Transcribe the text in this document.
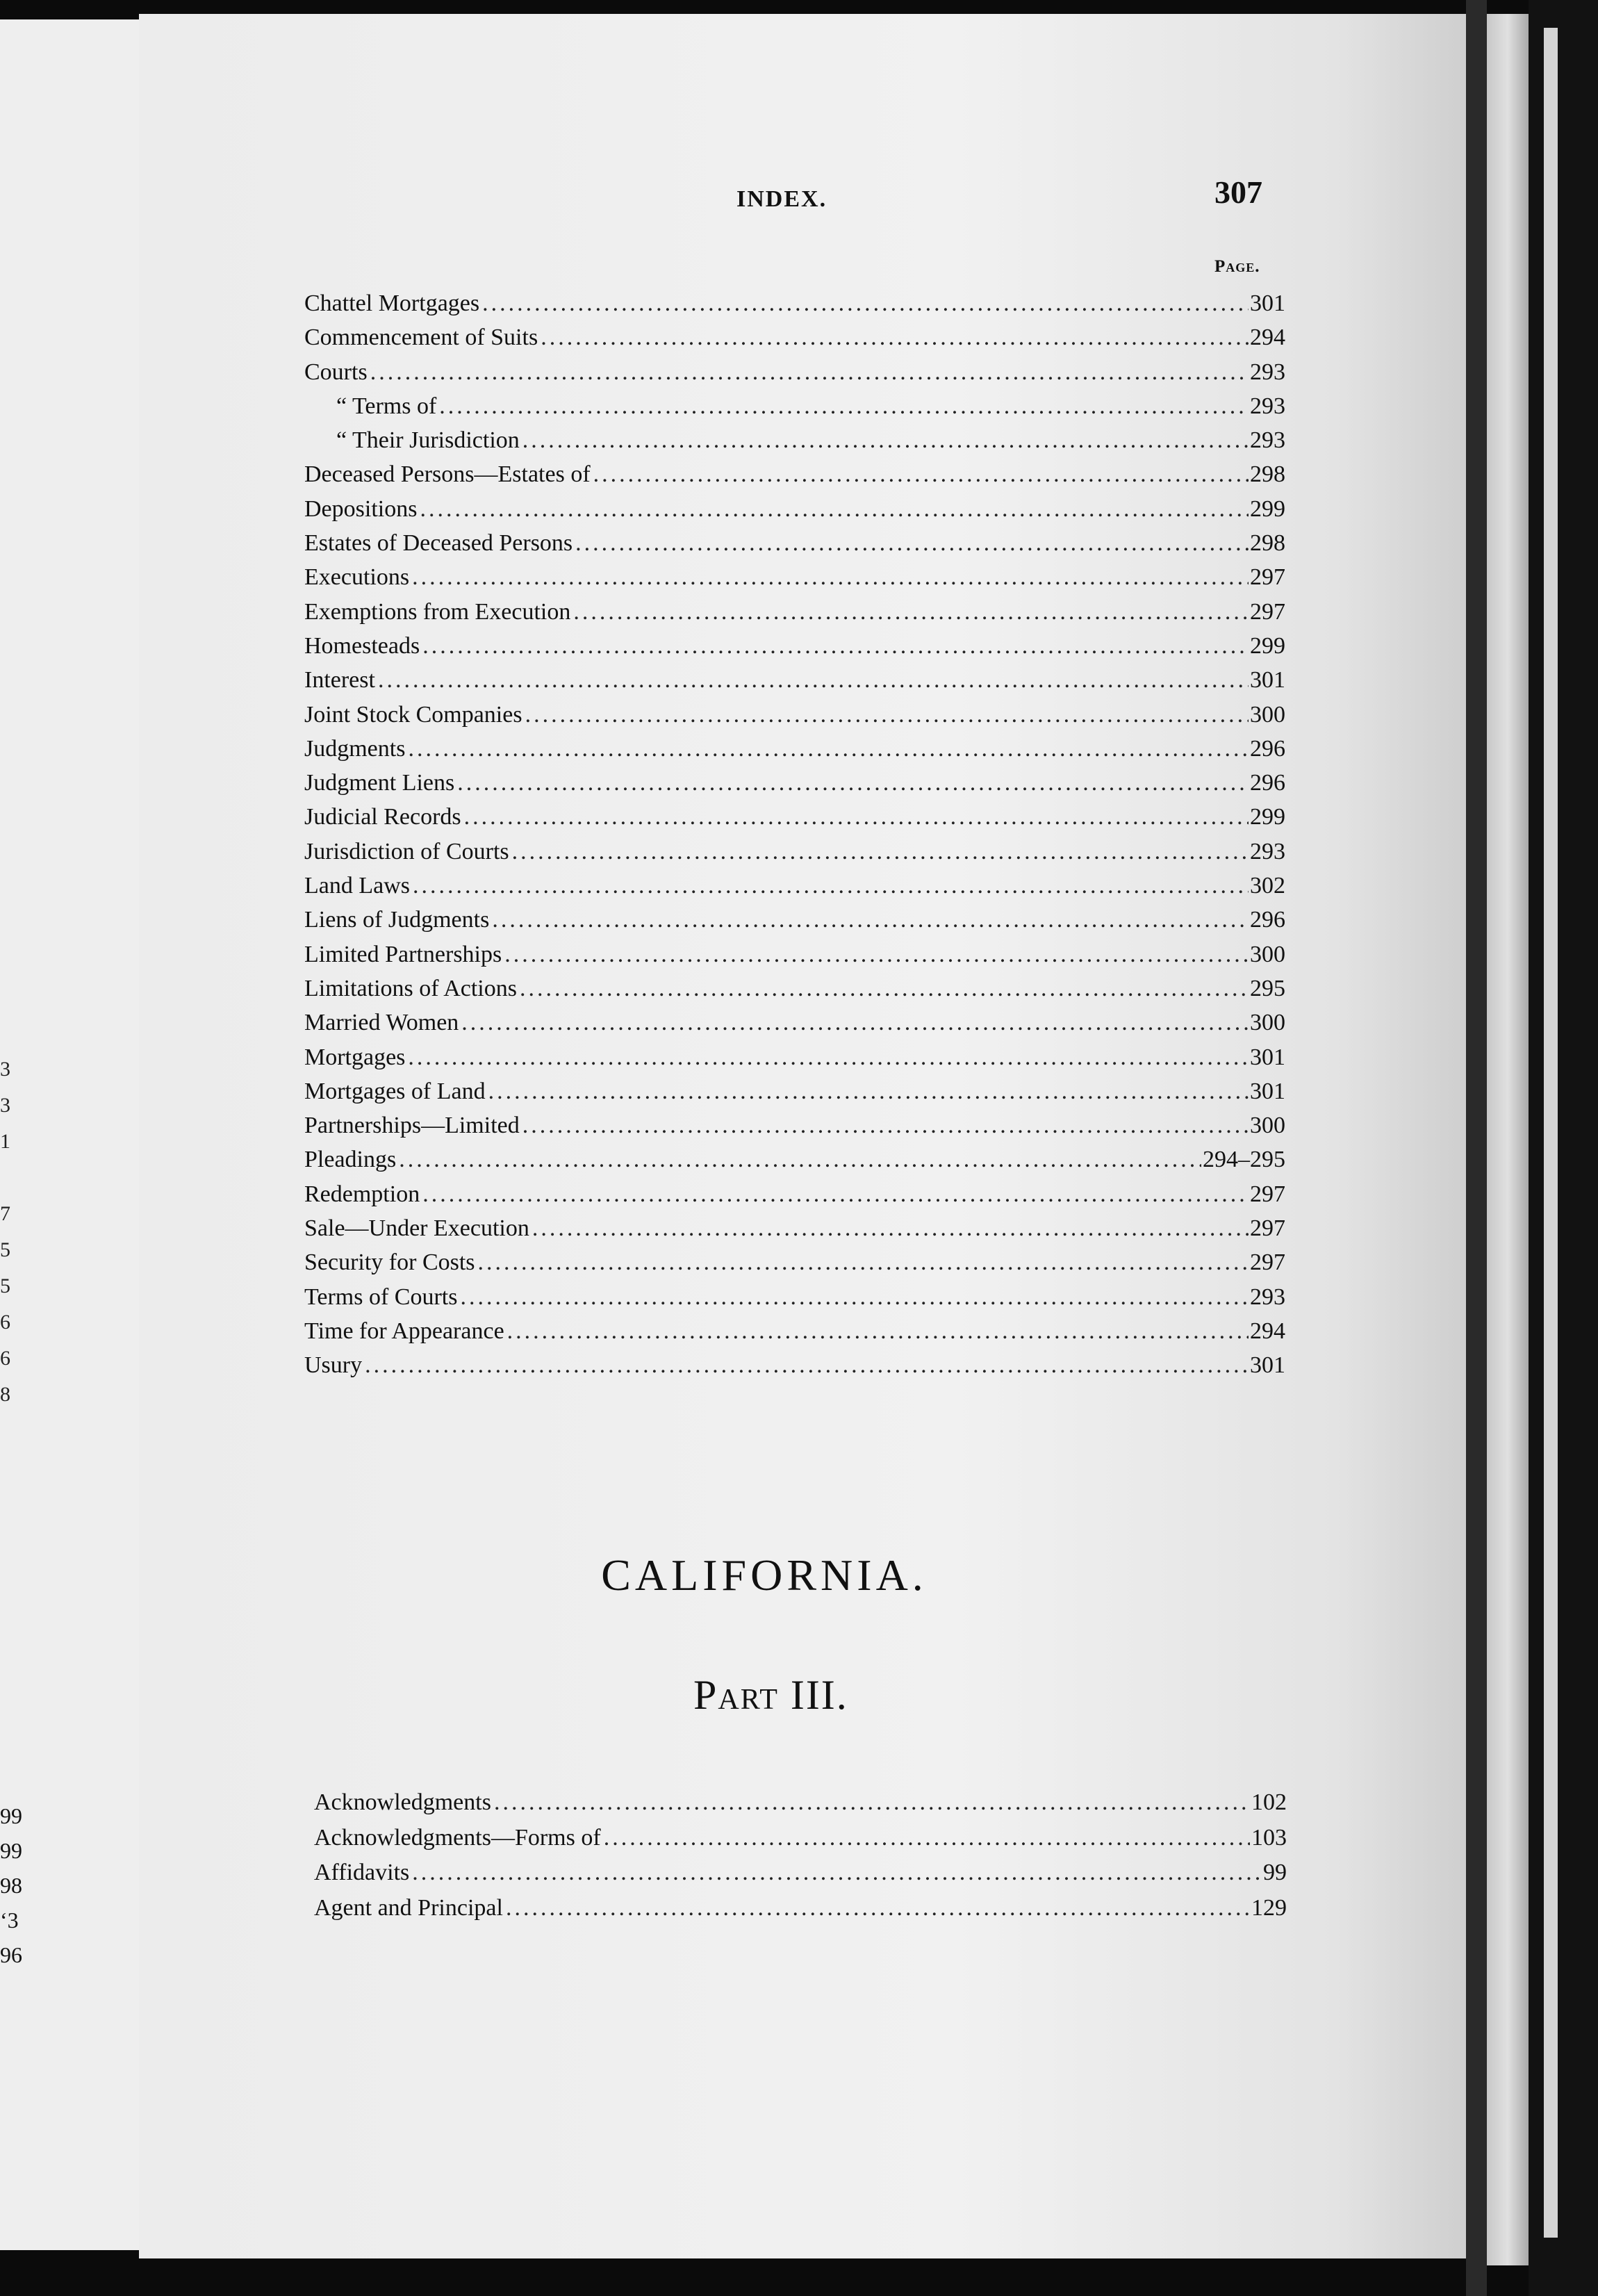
3
3
1
7
5
5
6
6
8
99
99
98
ʻ3
96
INDEX.	307
Page.
Chattel Mortgages .....	301
Commencement of Suits .....	294
Courts .....	293
“ Terms of .....	293
“ Their Jurisdiction .....	293
Deceased Persons—Estates of .....	298
Depositions .....	299
Estates of Deceased Persons .....	298
Executions .....	297
Exemptions from Execution .....	297
Homesteads .....	299
Interest .....	301
Joint Stock Companies .....	300
Judgments .....	296
Judgment Liens .....	296
Judicial Records .....	299
Jurisdiction of Courts .....	293
Land Laws .....	302
Liens of Judgments .....	296
Limited Partnerships .....	300
Limitations of Actions .....	295
Married Women .....	300
Mortgages .....	301
Mortgages of Land .....	301
Partnerships—Limited .....	300
Pleadings .....	294–295
Redemption .....	297
Sale—Under Execution .....	297
Security for Costs .....	297
Terms of Courts .....	293
Time for Appearance .....	294
Usury .....	301
CALIFORNIA.
Part III.
Acknowledgments .....	102
Acknowledgments—Forms of .....	103
Affidavits .....	99
Agent and Principal .....	129
